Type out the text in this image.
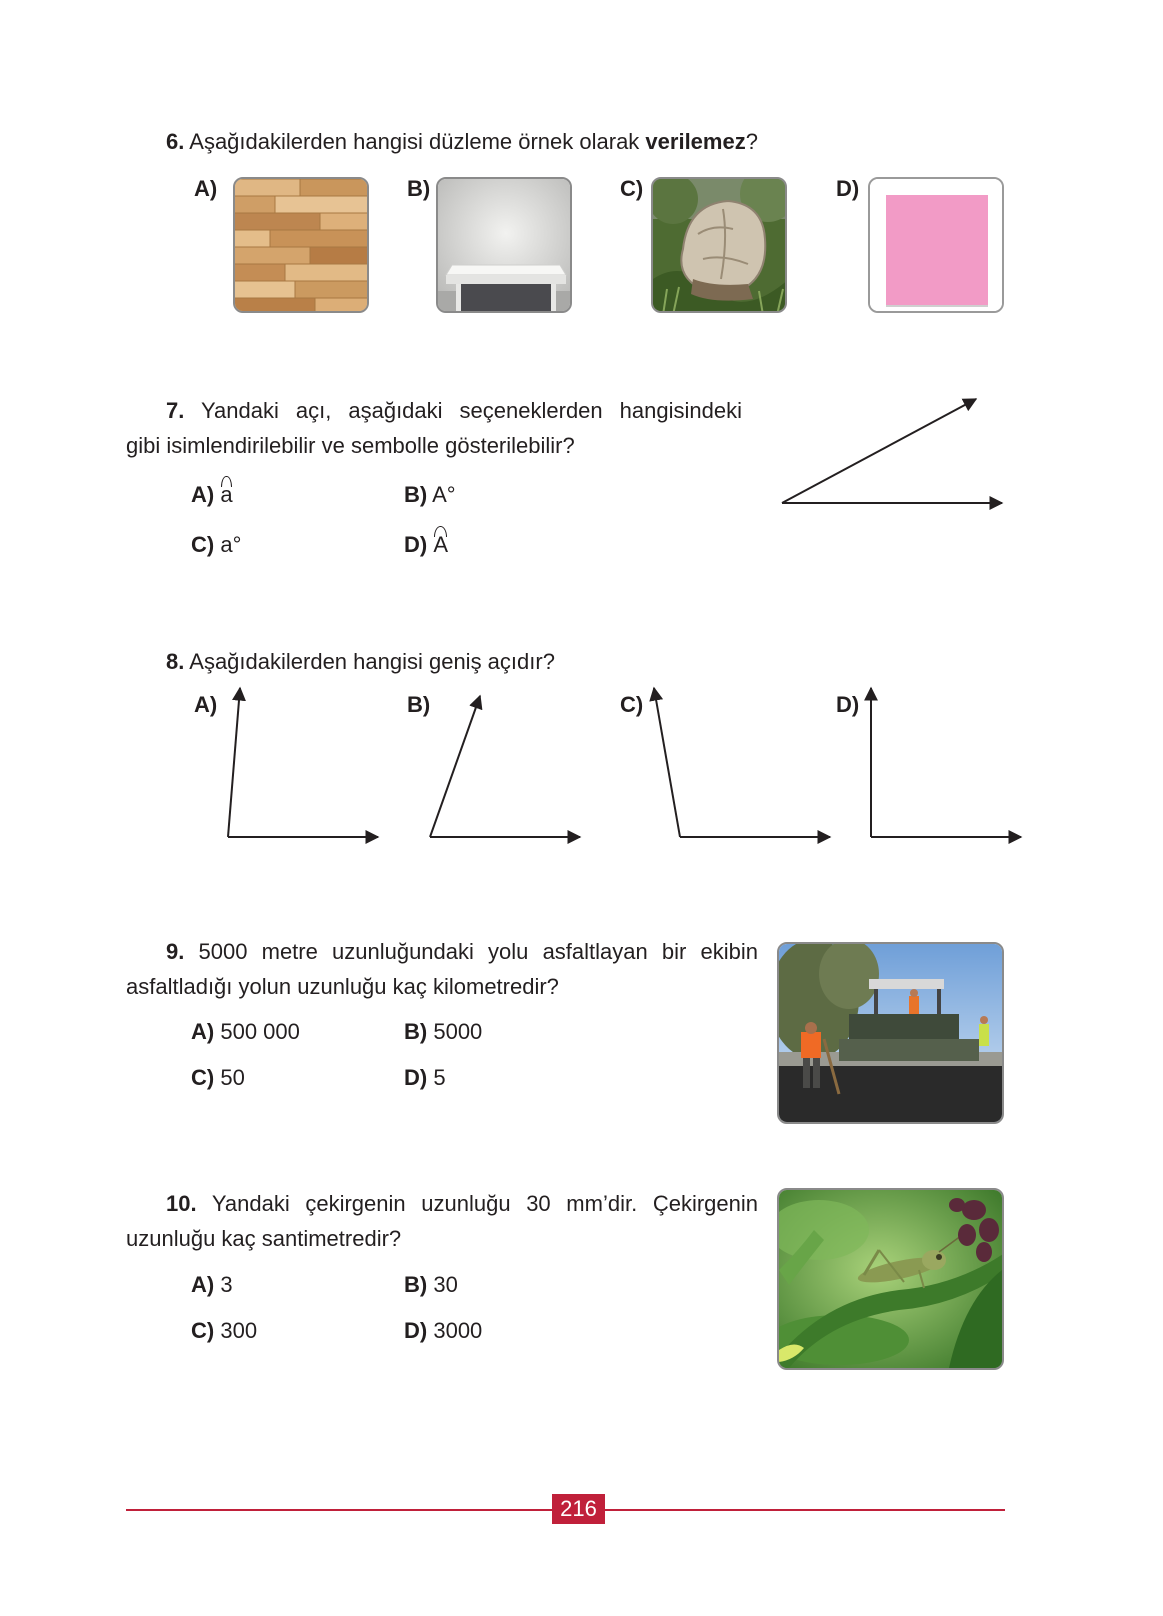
6. Aşağıdakilerden hangisi düzleme örnek olarak verilemez?
A)	B)	C)	D)
7. Yandaki açı, aşağıdaki seçeneklerden hangisindeki
gibi isimlendirilebilir ve sembolle gösterilebilir?
A) a	B) A°
C) a°	D) A
8. Aşağıdakilerden hangisi geniş açıdır?
A)	B)	C)	D)
9. 5000 metre uzunluğundaki yolu asfaltlayan bir ekibin
asfaltladığı yolun uzunluğu kaç kilometredir?
A) 500 000	B) 5000
C) 50	D) 5
10. Yandaki çekirgenin uzunluğu 30 mm’dir. Çekirgenin
uzunluğu kaç santimetredir?
A) 3	B) 30
C) 300	D) 3000
216
